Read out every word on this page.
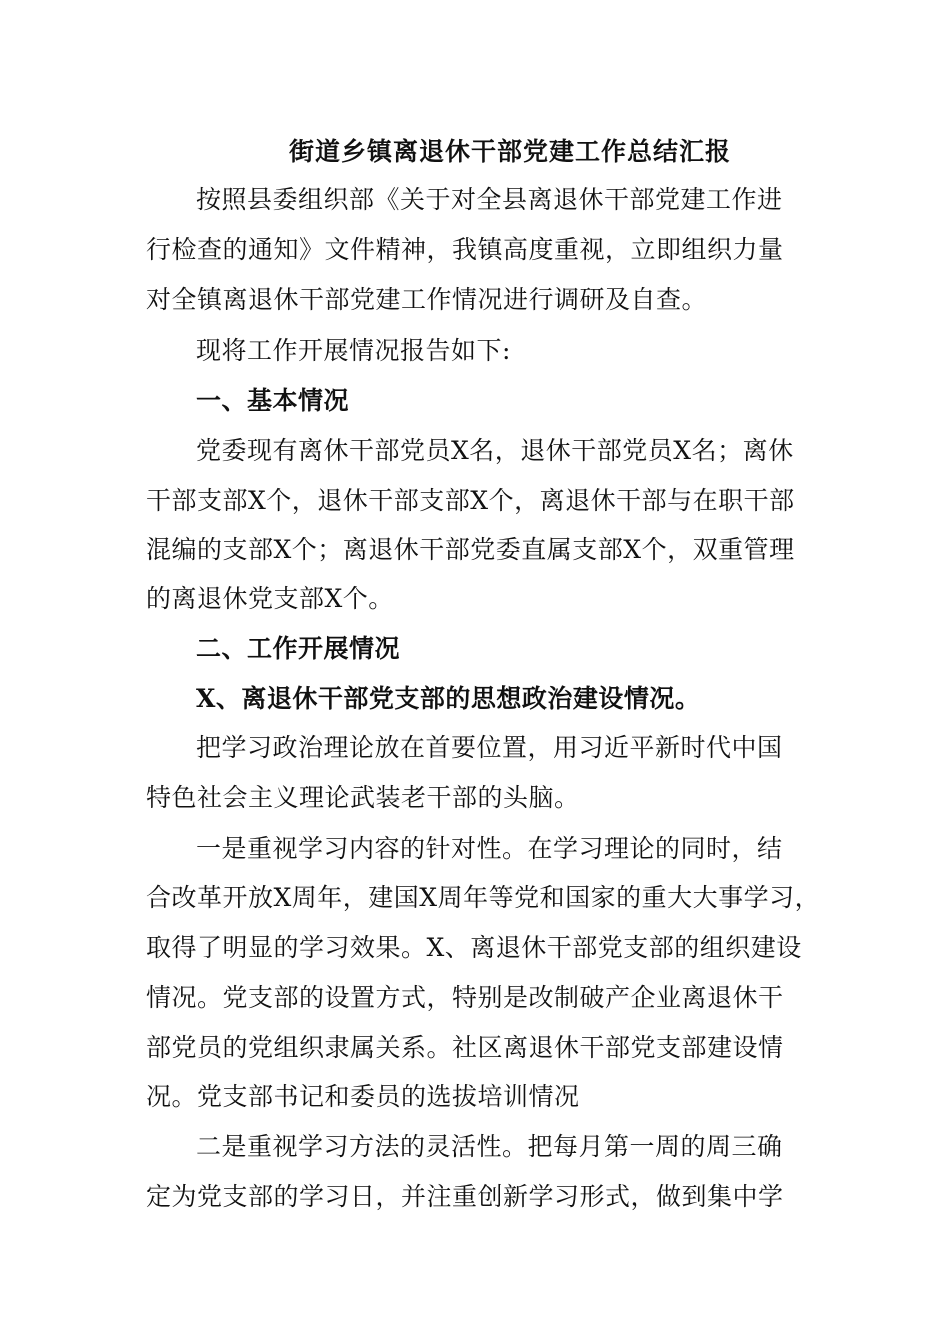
街道乡镇离退休干部党建工作总结汇报
按照县委组织部《关于对全县离退休干部党建工作进
行检查的通知》文件精神，我镇高度重视，立即组织力量
对全镇离退休干部党建工作情况进行调研及自查。
现将工作开展情况报告如下:
一、基本情况
党委现有离休干部党员X名，退休干部党员X名；离休
干部支部X个，退休干部支部X个，离退休干部与在职干部
混编的支部X个；离退休干部党委直属支部X个，双重管理
的离退休党支部X个。
二、工作开展情况
X、离退休干部党支部的思想政治建设情况。
把学习政治理论放在首要位置，用习近平新时代中国
特色社会主义理论武装老干部的头脑。
一是重视学习内容的针对性。在学习理论的同时，结
合改革开放X周年，建国X周年等党和国家的重大大事学习，
取得了明显的学习效果。X、离退休干部党支部的组织建设
情况。党支部的设置方式，特别是改制破产企业离退休干
部党员的党组织隶属关系。社区离退休干部党支部建设情
况。党支部书记和委员的选拔培训情况
二是重视学习方法的灵活性。把每月第一周的周三确
定为党支部的学习日，并注重创新学习形式，做到集中学
